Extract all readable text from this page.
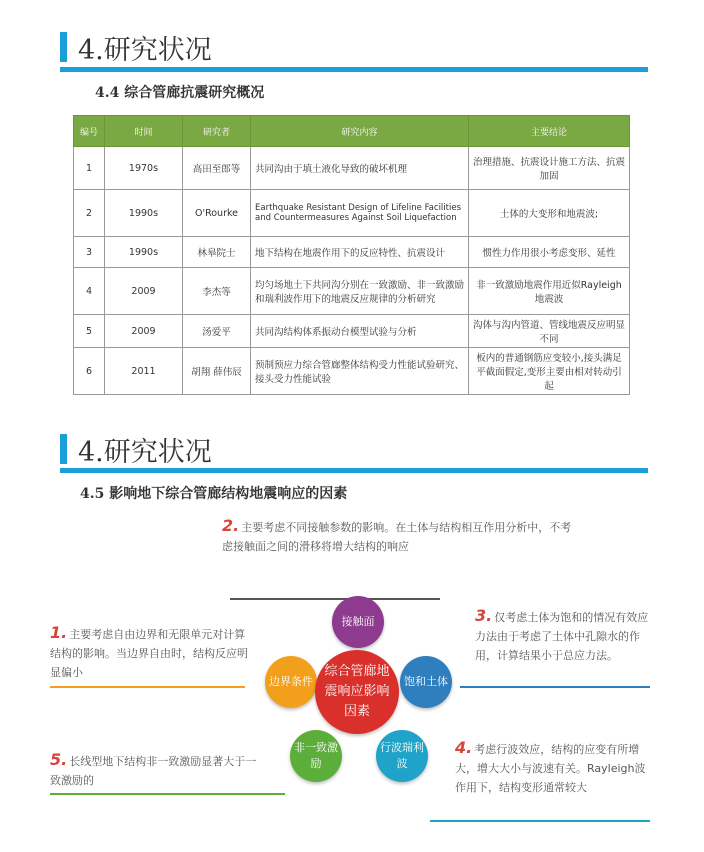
4.研究状况
4.4 综合管廊抗震研究概况
编号	时间	研究者	研究内容	主要结论
1	1970s	高田至郎等	共同沟由于填土液化导致的破坏机理	治理措施、抗震设计施工方法、抗震加固
2	1990s	O'Rourke	Earthquake Resistant Design of Lifeline Facilities and Countermeasures Against Soil Liquefaction	土体的大变形和地震波;
3	1990s	林皋院士	地下结构在地震作用下的反应特性、抗震设计	惯性力作用很小考虑变形、延性
4	2009	李杰等	均匀场地土下共同沟分别在一致激励、非一致激励和瑞利波作用下的地震反应规律的分析研究	非一致激励地震作用近似Rayleigh地震波
5	2009	汤爱平	共同沟结构体系振动台模型试验与分析	沟体与沟内管道、管线地震反应明显不同
6	2011	胡翔 薛伟辰	预制预应力综合管廊整体结构受力性能试验研究、接头受力性能试验	板内的普通钢筋应变较小,接头满足平截面假定,变形主要由相对转动引起
4.研究状况
4.5 影响地下综合管廊结构地震响应的因素
2. 主要考虑不同接触参数的影响。在土体与结构相互作用分析中，不考虑接触面之间的滑移将增大结构的响应
1. 主要考虑自由边界和无限单元对计算结构的影响。当边界自由时，结构反应明显偏小
3. 仅考虑土体为饱和的情况有效应力法由于考虑了土体中孔隙水的作用，计算结果小于总应力法。
5. 长线型地下结构非一致激励显著大于一致激励的
4. 考虑行波效应，结构的应变有所增大，增大大小与波速有关。Rayleigh波作用下，结构变形通常较大
接触面
饱和土体
行波瑞利波
非一致激励
边界条件
综合管廊地震响应影响因素
